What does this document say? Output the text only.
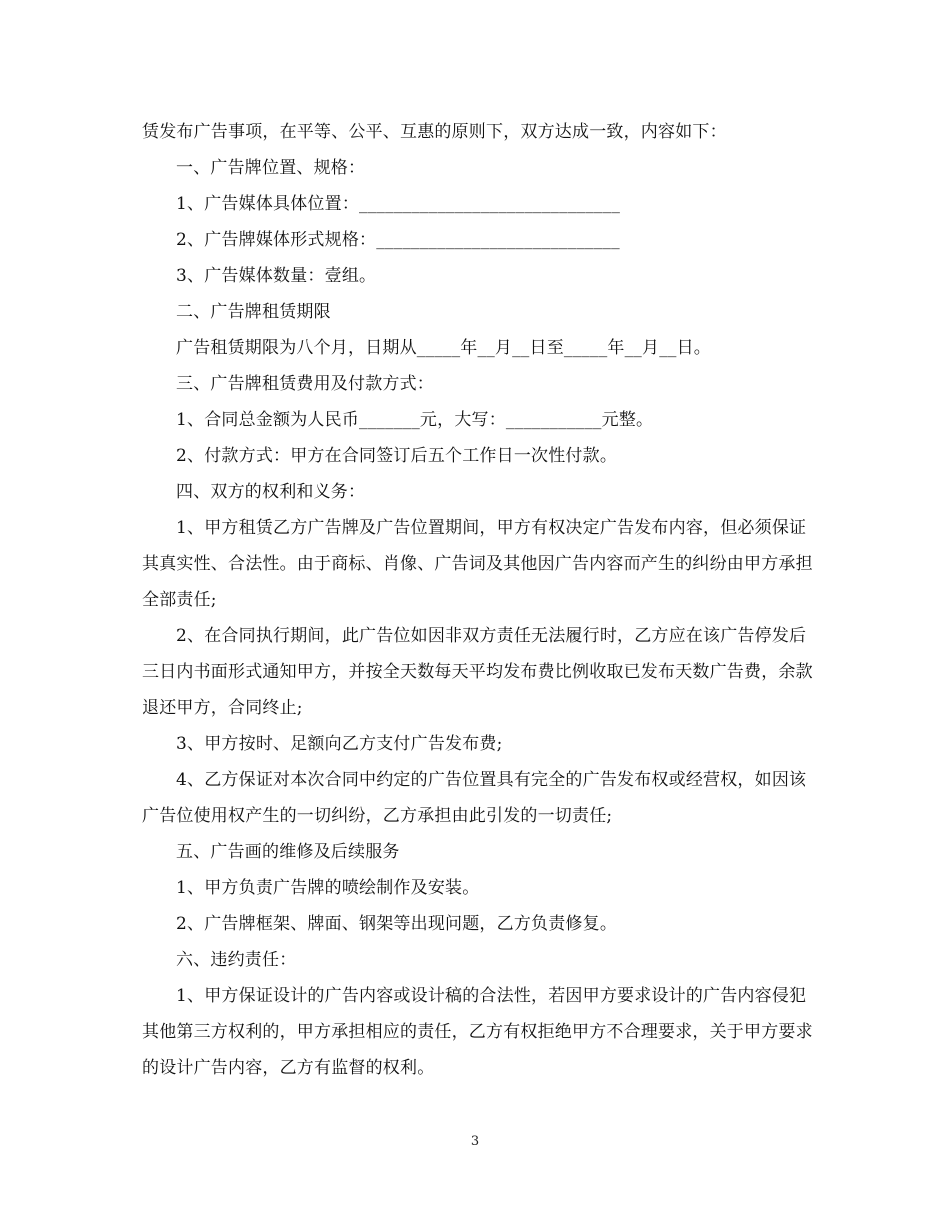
赁发布广告事项，在平等、公平、互惠的原则下，双方达成一致，内容如下：

一、广告牌位置、规格：

1、广告媒体具体位置：______________________________

2、广告牌媒体形式规格：____________________________

3、广告媒体数量：壹组。

二、广告牌租赁期限

广告租赁期限为八个月，日期从_____年__月__日至_____年__月__日。

三、广告牌租赁费用及付款方式：

1、合同总金额为人民币_______元，大写：___________元整。

2、付款方式：甲方在合同签订后五个工作日一次性付款。

四、双方的权利和义务：

1、甲方租赁乙方广告牌及广告位置期间，甲方有权决定广告发布内容，但必须保证其真实性、合法性。由于商标、肖像、广告词及其他因广告内容而产生的纠纷由甲方承担全部责任;

2、在合同执行期间，此广告位如因非双方责任无法履行时，乙方应在该广告停发后三日内书面形式通知甲方，并按全天数每天平均发布费比例收取已发布天数广告费，余款退还甲方，合同终止;

3、甲方按时、足额向乙方支付广告发布费;

4、乙方保证对本次合同中约定的广告位置具有完全的广告发布权或经营权，如因该广告位使用权产生的一切纠纷，乙方承担由此引发的一切责任;

五、广告画的维修及后续服务

1、甲方负责广告牌的喷绘制作及安装。

2、广告牌框架、牌面、钢架等出现问题，乙方负责修复。

六、违约责任：

1、甲方保证设计的广告内容或设计稿的合法性，若因甲方要求设计的广告内容侵犯其他第三方权利的，甲方承担相应的责任，乙方有权拒绝甲方不合理要求，关于甲方要求的设计广告内容，乙方有监督的权利。

3
